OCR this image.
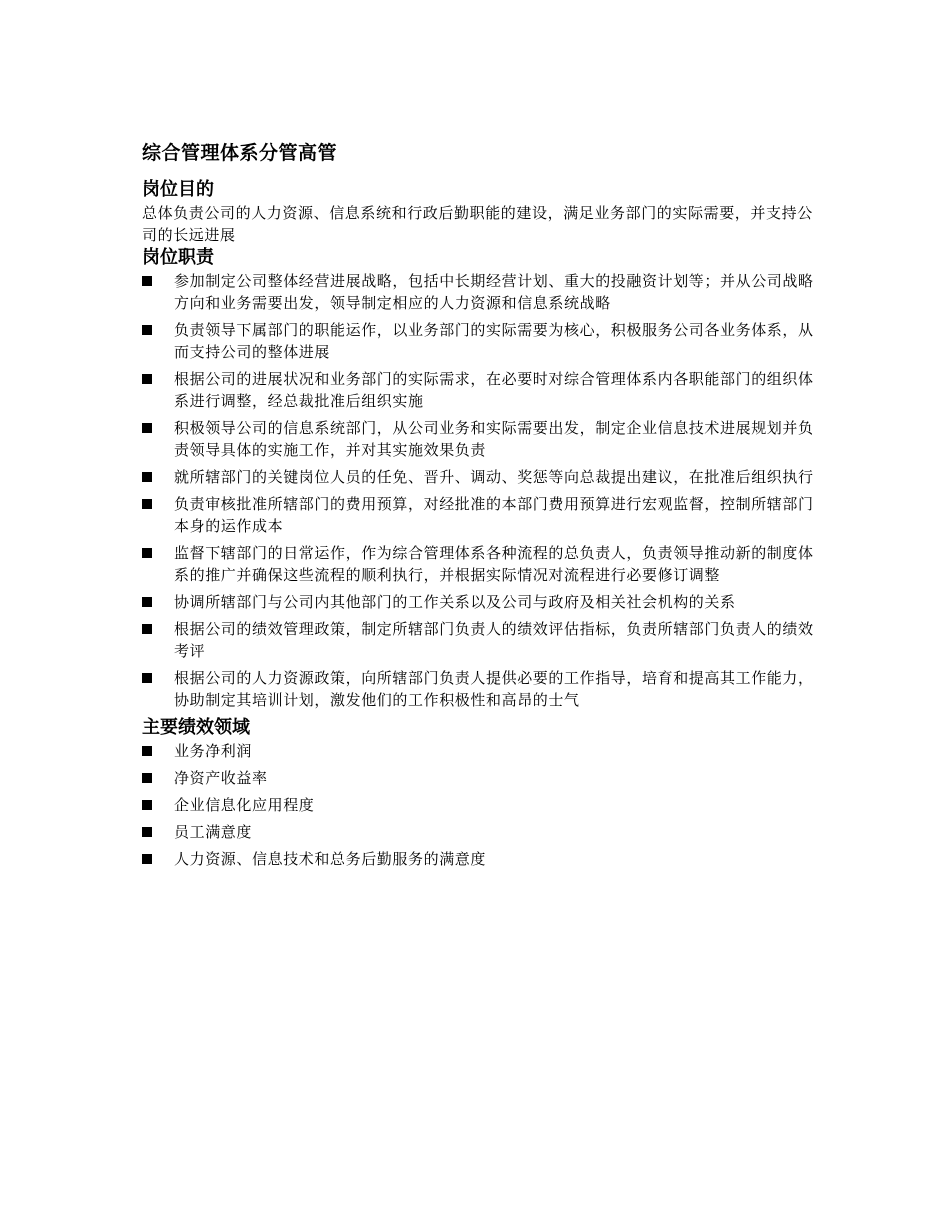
综合管理体系分管高管
岗位目的

总体负责公司的人力资源、信息系统和行政后勤职能的建设，满足业务部门的实际需要，并支持公司的长远进展

岗位职责
参加制定公司整体经营进展战略，包括中长期经营计划、重大的投融资计划等；并从公司战略方向和业务需要出发，领导制定相应的人力资源和信息系统战略
负责领导下属部门的职能运作，以业务部门的实际需要为核心，积极服务公司各业务体系，从而支持公司的整体进展
根据公司的进展状况和业务部门的实际需求，在必要时对综合管理体系内各职能部门的组织体系进行调整，经总裁批准后组织实施
积极领导公司的信息系统部门，从公司业务和实际需要出发，制定企业信息技术进展规划并负责领导具体的实施工作，并对其实施效果负责
就所辖部门的关键岗位人员的任免、晋升、调动、奖惩等向总裁提出建议，在批准后组织执行
负责审核批准所辖部门的费用预算，对经批准的本部门费用预算进行宏观监督，控制所辖部门本身的运作成本
监督下辖部门的日常运作，作为综合管理体系各种流程的总负责人，负责领导推动新的制度体系的推广并确保这些流程的顺利执行，并根据实际情况对流程进行必要修订调整
协调所辖部门与公司内其他部门的工作关系以及公司与政府及相关社会机构的关系
根据公司的绩效管理政策，制定所辖部门负责人的绩效评估指标，负责所辖部门负责人的绩效考评
根据公司的人力资源政策，向所辖部门负责人提供必要的工作指导，培育和提高其工作能力，协助制定其培训计划，激发他们的工作积极性和高昂的士气
主要绩效领域
业务净利润
净资产收益率
企业信息化应用程度
员工满意度
人力资源、信息技术和总务后勤服务的满意度
